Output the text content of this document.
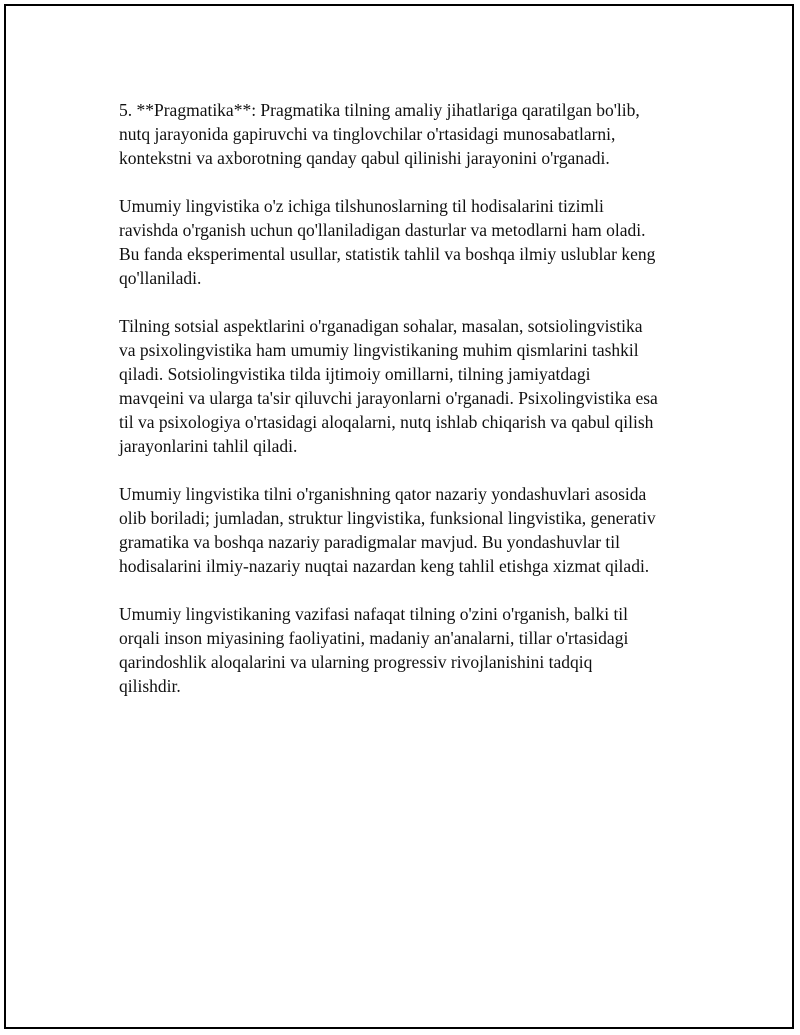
5. **Pragmatika**: Pragmatika tilning amaliy jihatlariga qaratilgan bo'lib,
nutq jarayonida gapiruvchi va tinglovchilar o'rtasidagi munosabatlarni,
kontekstni va axborotning qanday qabul qilinishi jarayonini o'rganadi.

Umumiy lingvistika o'z ichiga tilshunoslarning til hodisalarini tizimli
ravishda o'rganish uchun qo'llaniladigan dasturlar va metodlarni ham oladi.
Bu fanda eksperimental usullar, statistik tahlil va boshqa ilmiy uslublar keng
qo'llaniladi.

Tilning sotsial aspektlarini o'rganadigan sohalar, masalan, sotsiolingvistika
va psixolingvistika ham umumiy lingvistikaning muhim qismlarini tashkil
qiladi. Sotsiolingvistika tilda ijtimoiy omillarni, tilning jamiyatdagi
mavqeini va ularga ta'sir qiluvchi jarayonlarni o'rganadi. Psixolingvistika esa
til va psixologiya o'rtasidagi aloqalarni, nutq ishlab chiqarish va qabul qilish
jarayonlarini tahlil qiladi.

Umumiy lingvistika tilni o'rganishning qator nazariy yondashuvlari asosida
olib boriladi; jumladan, struktur lingvistika, funksional lingvistika, generativ
gramatika va boshqa nazariy paradigmalar mavjud. Bu yondashuvlar til
hodisalarini ilmiy-nazariy nuqtai nazardan keng tahlil etishga xizmat qiladi.

Umumiy lingvistikaning vazifasi nafaqat tilning o'zini o'rganish, balki til
orqali inson miyasining faoliyatini, madaniy an'analarni, tillar o'rtasidagi
qarindoshlik aloqalarini va ularning progressiv rivojlanishini tadqiq
qilishdir.
